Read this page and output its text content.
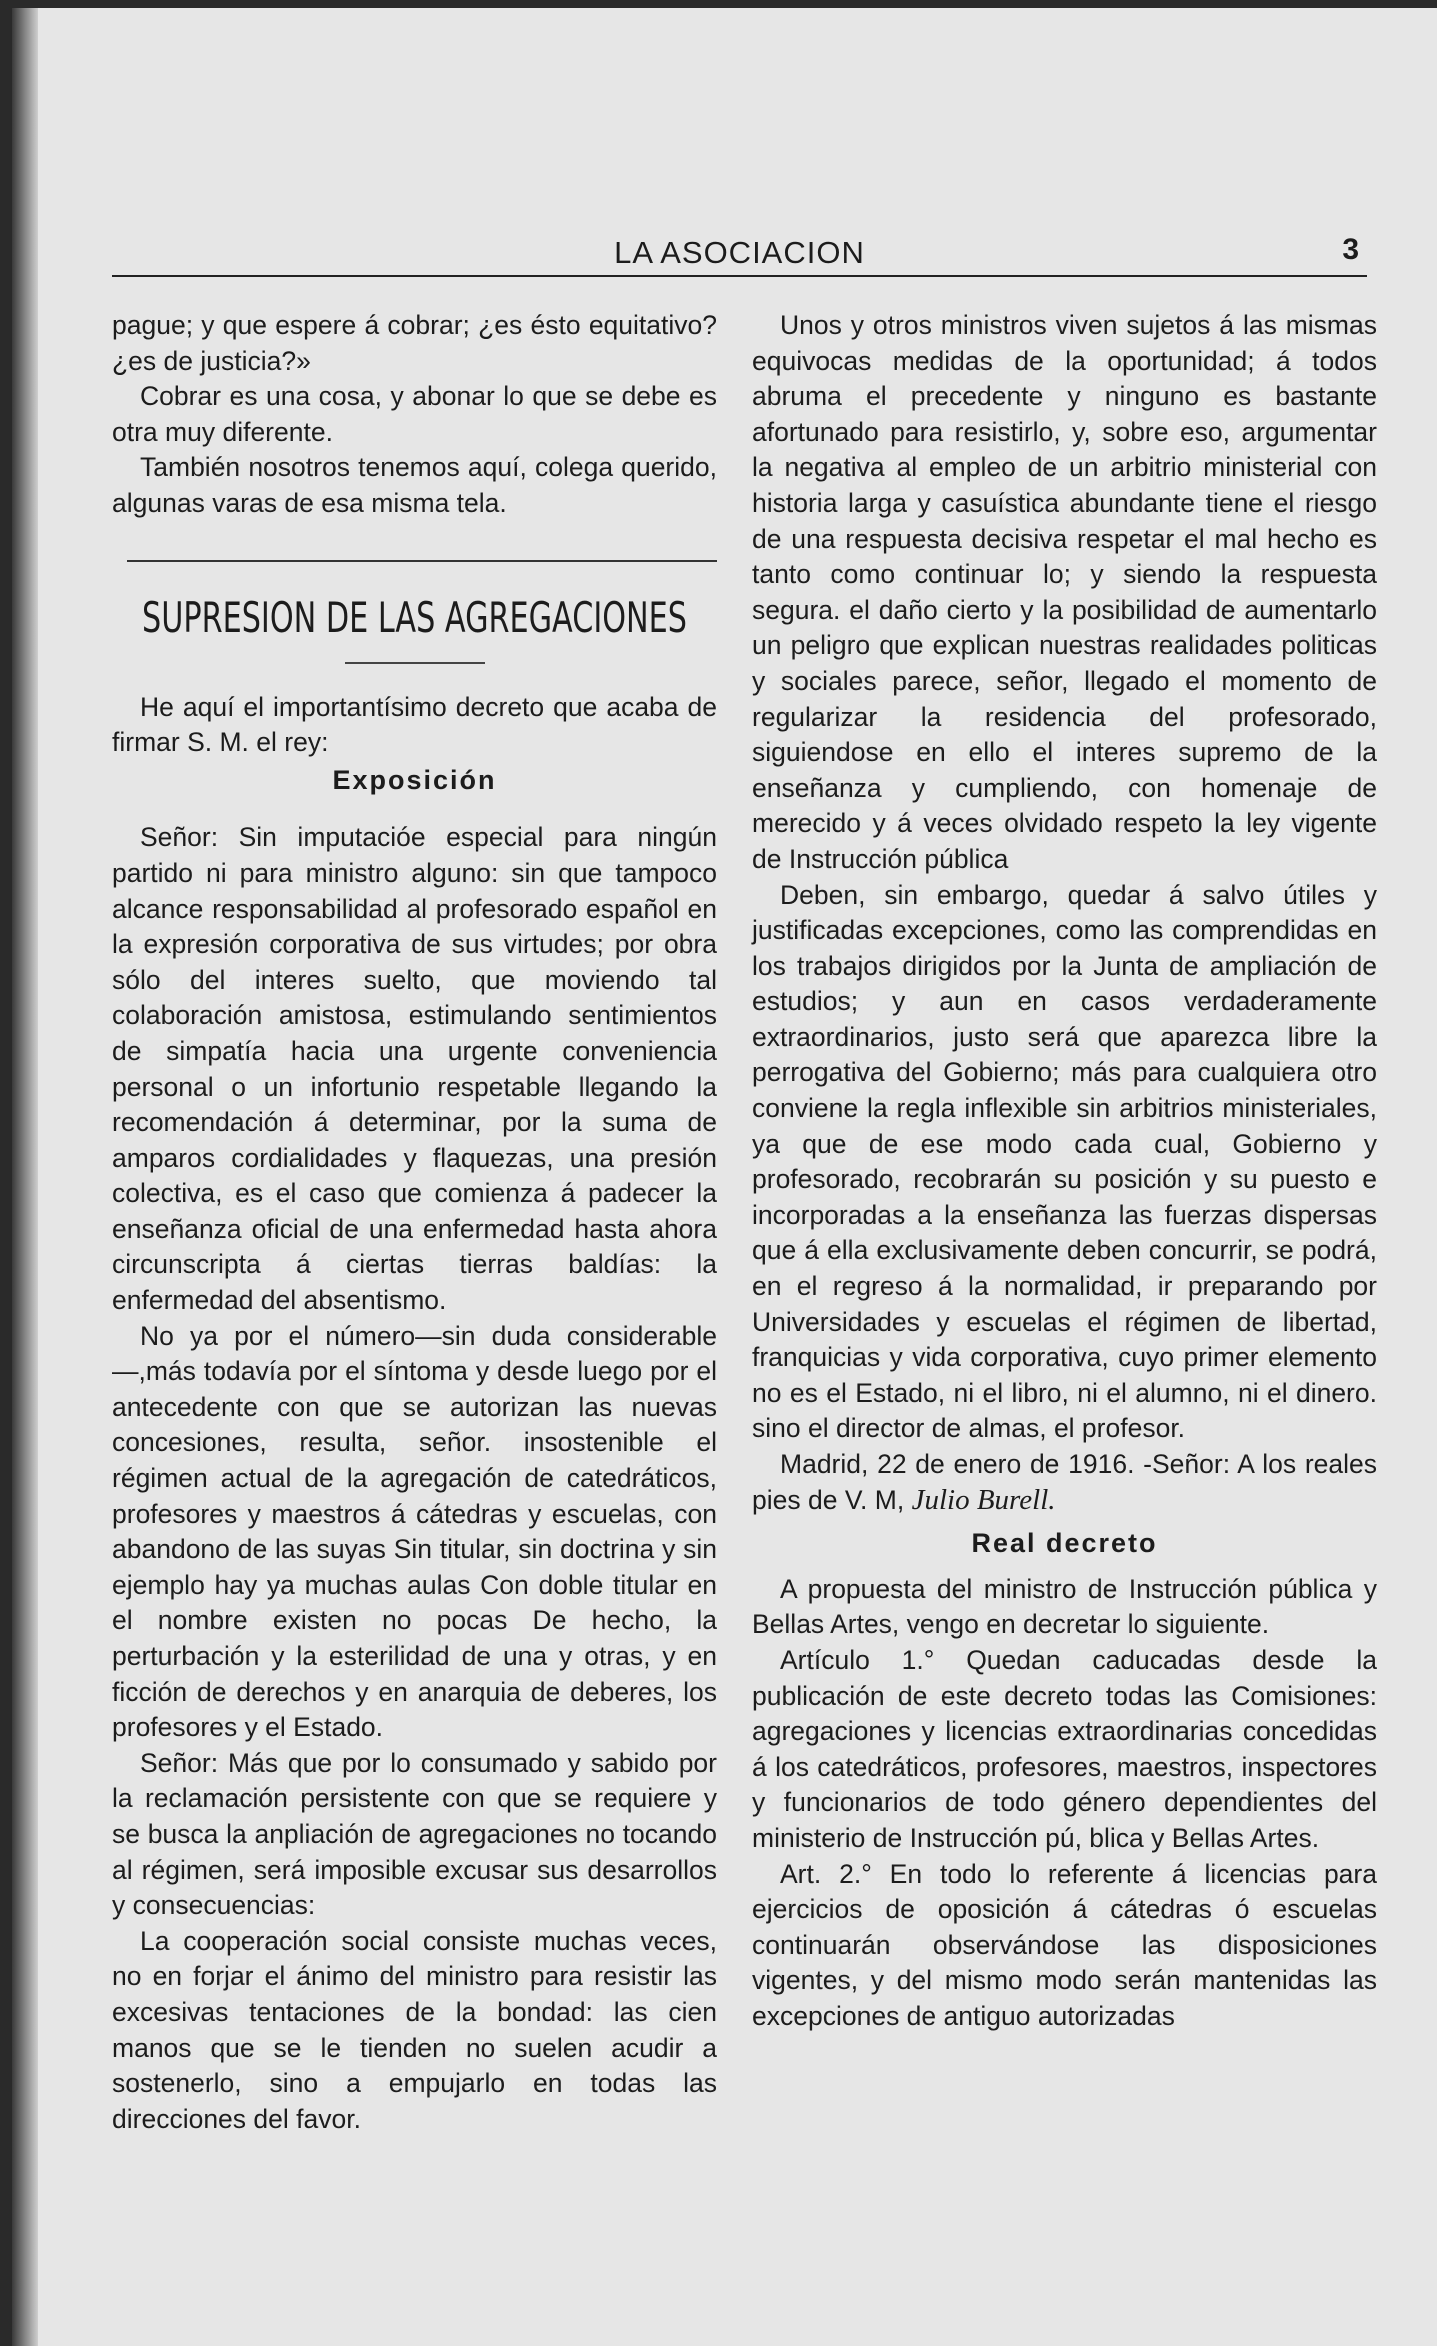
LA ASOCIACION	3

pague; y que espere á cobrar; ¿es ésto equitativo? ¿es de justicia?»

Cobrar es una cosa, y abonar lo que se debe es otra muy diferente.

También nosotros tenemos aquí, colega querido, algunas varas de esa misma tela.

SUPRESION DE LAS AGREGACIONES

He aquí el importantísimo decreto que acaba de firmar S. M. el rey:

Exposición

Señor: Sin imputacióe especial para ningún partido ni para ministro alguno: sin que tampoco alcance responsabilidad al profesorado español en la expresión corporativa de sus virtudes; por obra sólo del interes suelto, que moviendo tal colaboración amistosa, estimulando sentimientos de simpatía hacia una urgente conveniencia personal o un infortunio respetable llegando la recomendación á determinar, por la suma de amparos cordialidades y flaquezas, una presión colectiva, es el caso que comienza á padecer la enseñanza oficial de una enfermedad hasta ahora circunscripta á ciertas tierras baldías: la enfermedad del absentismo.

No ya por el número—sin duda considerable—,más todavía por el síntoma y desde luego por el antecedente con que se autorizan las nuevas concesiones, resulta, señor. insostenible el régimen actual de la agregación de catedráticos, profesores y maestros á cátedras y escuelas, con abandono de las suyas Sin titular, sin doctrina y sin ejemplo hay ya muchas aulas Con doble titular en el nombre existen no pocas De hecho, la perturbación y la esterilidad de una y otras, y en ficción de derechos y en anarquia de deberes, los profesores y el Estado.

Señor: Más que por lo consumado y sabido por la reclamación persistente con que se requiere y se busca la anpliación de agregaciones no tocando al régimen, será imposible excusar sus desarrollos y consecuencias:

La cooperación social consiste muchas veces, no en forjar el ánimo del ministro para resistir las excesivas tentaciones de la bondad: las cien manos que se le tienden no suelen acudir a sostenerlo, sino a empujarlo en todas las direcciones del favor.

Unos y otros ministros viven sujetos á las mismas equivocas medidas de la oportunidad; á todos abruma el precedente y ninguno es bastante afortunado para resistirlo, y, sobre eso, argumentar la negativa al empleo de un arbitrio ministerial con historia larga y casuística abundante tiene el riesgo de una respuesta decisiva respetar el mal hecho es tanto como continuar lo; y siendo la respuesta segura. el daño cierto y la posibilidad de aumentarlo un peligro que explican nuestras realidades politicas y sociales parece, señor, llegado el momento de regularizar la residencia del profesorado, siguiendose en ello el interes supremo de la enseñanza y cumpliendo, con homenaje de merecido y á veces olvidado respeto la ley vigente de Instrucción pública

Deben, sin embargo, quedar á salvo útiles y justificadas excepciones, como las comprendidas en los trabajos dirigidos por la Junta de ampliación de estudios; y aun en casos verdaderamente extraordinarios, justo será que aparezca libre la perrogativa del Gobierno; más para cualquiera otro conviene la regla inflexible sin arbitrios ministeriales, ya que de ese modo cada cual, Gobierno y profesorado, recobrarán su posición y su puesto e incorporadas a la enseñanza las fuerzas dispersas que á ella exclusivamente deben concurrir, se podrá, en el regreso á la normalidad, ir preparando por Universidades y escuelas el régimen de libertad, franquicias y vida corporativa, cuyo primer elemento no es el Estado, ni el libro, ni el alumno, ni el dinero. sino el director de almas, el profesor.

Madrid, 22 de enero de 1916. -Señor: A los reales pies de V. M, Julio Burell.

Real decreto

A propuesta del ministro de Instrucción pública y Bellas Artes, vengo en decretar lo siguiente.

Artículo 1.° Quedan caducadas desde la publicación de este decreto todas las Comisiones: agregaciones y licencias extraordinarias concedidas á los catedráticos, profesores, maestros, inspectores y funcionarios de todo género dependientes del ministerio de Instrucción pú, blica y Bellas Artes.

Art. 2.° En todo lo referente á licencias para ejercicios de oposición á cátedras ó escuelas continuarán observándose las disposiciones vigentes, y del mismo modo serán mantenidas las excepciones de antiguo autorizadas
